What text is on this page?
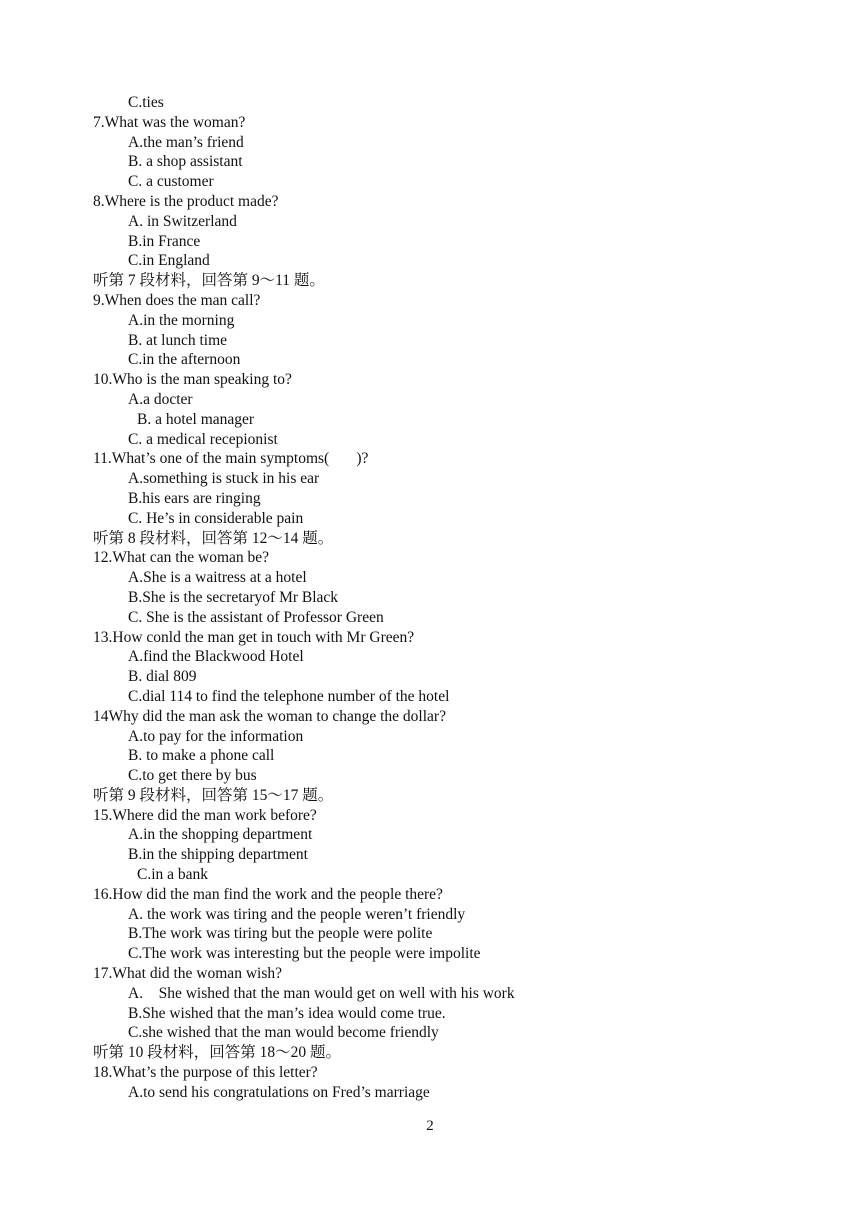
C.ties
7.What was the woman?
A.the man’s friend
B. a shop assistant
C. a customer
8.Where is the product made?
A. in Switzerland
B.in France
C.in England
听第 7 段材料，回答第 9～11 题。
9.When does the man call?
A.in the morning
B. at lunch time
C.in the afternoon
10.Who is the man speaking to?
A.a docter
B. a hotel manager
C. a medical recepionist
11.What’s one of the main symptoms(       )?
A.something is stuck in his ear
B.his ears are ringing
C. He’s in considerable pain
听第 8 段材料，回答第 12～14 题。
12.What can the woman be?
A.She is a waitress at a hotel
B.She is the secretaryof Mr Black
C. She is the assistant of Professor Green
13.How conld the man get in touch with Mr Green?
A.find the Blackwood Hotel
B. dial 809
C.dial 114 to find the telephone number of the hotel
14Why did the man ask the woman to change the dollar?
A.to pay for the information
B. to make a phone call
C.to get there by bus
听第 9 段材料，回答第 15～17 题。
15.Where did the man work before?
A.in the shopping department
B.in the shipping department
C.in a bank
16.How did the man find the work and the people there?
A. the work was tiring and the people weren’t friendly
B.The work was tiring but the people were polite
C.The work was interesting but the people were impolite
17.What did the woman wish?
A.    She wished that the man would get on well with his work
B.She wished that the man’s idea would come true.
C.she wished that the man would become friendly
听第 10 段材料，回答第 18～20 题。
18.What’s the purpose of this letter?
A.to send his congratulations on Fred’s marriage
2
